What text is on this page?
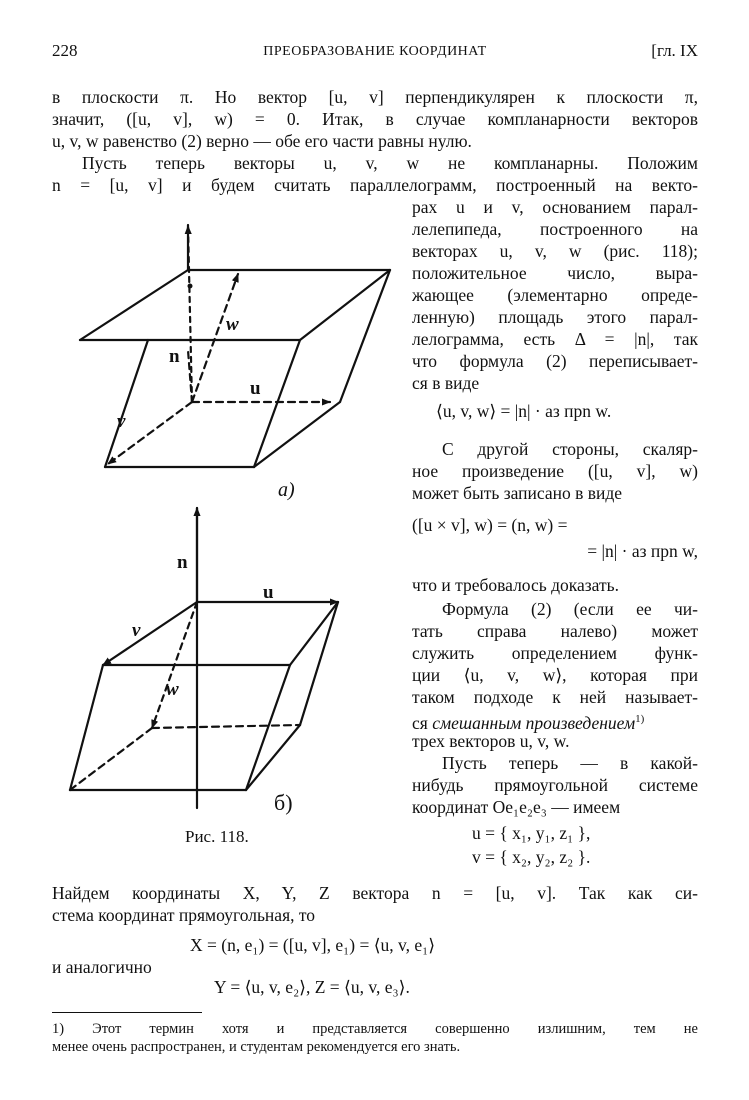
228	ПРЕОБРАЗОВАНИЕ КООРДИНАТ	[гл. IX
в плоскости π. Но вектор [u, v] перпендикулярен к плоскости π,
значит, ([u, v], w) = 0. Итак, в случае компланарности векторов
u, v, w равенство (2) верно — обе его части равны нулю.
Пусть теперь векторы u, v, w не компланарны. Положим
n = [u, v] и будем считать параллелограмм, построенный на векто-
рах u и v, основанием парал-
лелепипеда, построенного на
векторах u, v, w (рис. 118);
положительное число, выра-
жающее (элементарно опреде-
ленную) площадь этого парал-
лелограмма, есть Δ = |n|, так
что формула (2) переписывает-
ся в виде
⟨u, v, w⟩ = |n| · аз прn w.
С другой стороны, скаляр-
ное произведение ([u, v], w)
может быть записано в виде
([u × v], w) = (n, w) =
= |n| · аз прn w,
что и требовалось доказать.
Формула (2) (если ее чи-
тать справа налево) может
служить определением функ-
ции ⟨u, v, w⟩, которая при
таком подходе к ней называет-
ся смешанным произведением$^{1)}$
трех векторов u, v, w.
Пусть теперь — в какой-
нибудь прямоугольной системе
координат Oe₁e₂e₃ — имеем
u = { x₁, y₁, z₁ },
v = { x₂, y₂, z₂ }.
Найдем координаты X, Y, Z вектора n = [u, v]. Так как си-
стема координат прямоугольная, то
X = (n, e₁) = ([u, v], e₁) = ⟨u, v, e₁⟩
и аналогично
Y = ⟨u, v, e₂⟩, Z = ⟨u, v, e₃⟩.
1) Этот термин хотя и представляется совершенно излишним, тем не
менее очень распространен, и студентам рекомендуется его знать.
n
w
u
v
a)
n
u
v
w
б)
Рис. 118.
